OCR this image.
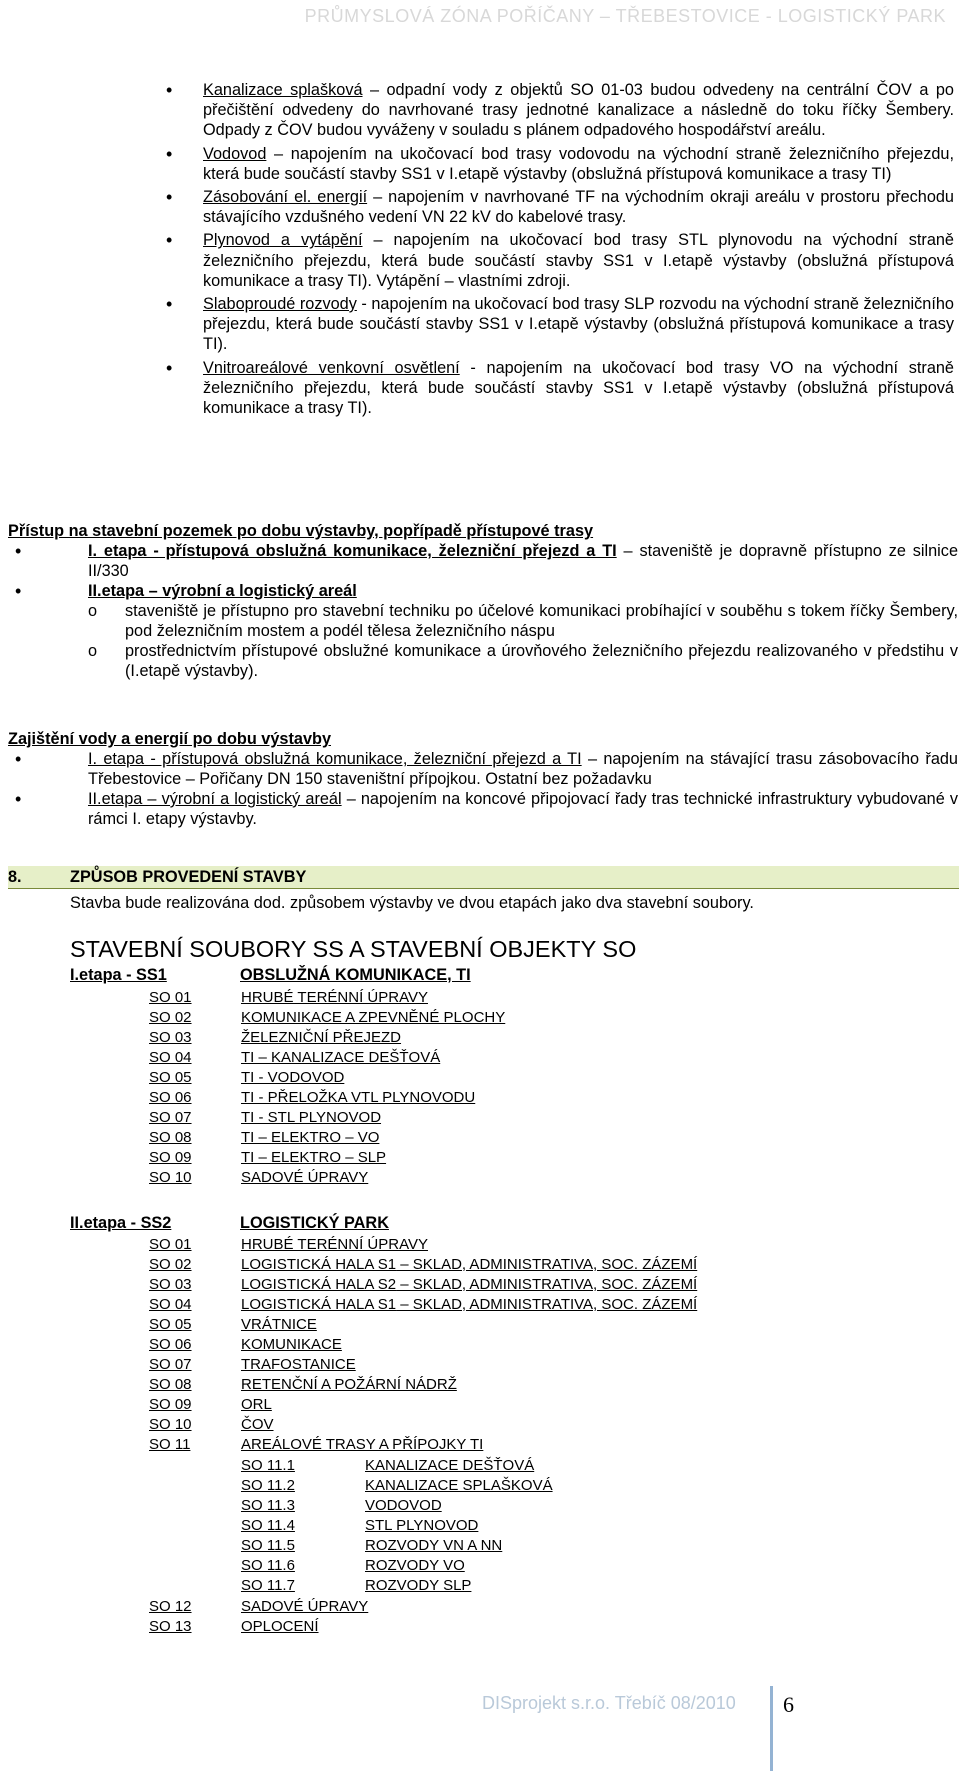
PRŮMYSLOVÁ ZÓNA POŘÍČANY – TŘEBESTOVICE - LOGISTICKÝ PARK
• Kanalizace splašková – odpadní vody z objektů SO 01-03 budou odvedeny na centrální ČOV a po přečištění odvedeny do navrhované trasy jednotné kanalizace a následně do toku říčky Šembery. Odpady z ČOV budou vyváženy v souladu s plánem odpadového hospodářství areálu.
• Vodovod – napojením na ukočovací bod trasy vodovodu na východní straně železničního přejezdu, která bude součástí stavby SS1 v I.etapě výstavby (obslužná přístupová komunikace a trasy TI)
• Zásobování el. energií – napojením v navrhované TF na východním okraji areálu v prostoru přechodu stávajícího vzdušného vedení VN 22 kV do kabelové trasy.
• Plynovod a vytápění – napojením na ukočovací bod trasy STL plynovodu na východní straně železničního přejezdu, která bude součástí stavby SS1 v I.etapě výstavby (obslužná přístupová komunikace a trasy TI). Vytápění – vlastními zdroji.
• Slaboproudé rozvody - napojením na ukočovací bod trasy SLP rozvodu na východní straně železničního přejezdu, která bude součástí stavby SS1 v I.etapě výstavby (obslužná přístupová komunikace a trasy TI).
• Vnitroareálové venkovní osvětlení - napojením na ukočovací bod trasy VO na východní straně železničního přejezdu, která bude součástí stavby SS1 v I.etapě výstavby (obslužná přístupová komunikace a trasy TI).
Přístup na stavební pozemek po dobu výstavby, popřípadě přístupové trasy
• I. etapa - přístupová obslužná komunikace, železniční přejezd a TI – staveniště je dopravně přístupno ze silnice II/330
• II.etapa – výrobní a logistický areál
o staveniště je přístupno pro stavební techniku po účelové komunikaci probíhající v souběhu s tokem říčky Šembery, pod železničním mostem a podél tělesa železničního náspu
o prostřednictvím přístupové obslužné komunikace a úrovňového železničního přejezdu realizovaného v předstihu v (I.etapě výstavby).
Zajištění vody a energií po dobu výstavby
• I. etapa - přístupová obslužná komunikace, železniční přejezd a TI – napojením na stávající trasu zásobovacího řadu Třebestovice – Pořičany DN 150 staveništní přípojkou. Ostatní bez požadavku
• II.etapa – výrobní a logistický areál – napojením na koncové připojovací řady tras technické infrastruktury vybudované v rámci I. etapy výstavby.
8.	ZPŮSOB PROVEDENÍ STAVBY
Stavba bude realizována dod. způsobem výstavby ve dvou etapách jako dva stavební soubory.
STAVEBNÍ SOUBORY SS A STAVEBNÍ OBJEKTY SO
I.etapa - SS1	OBSLUŽNÁ KOMUNIKACE, TI
SO 01	HRUBÉ TERÉNNÍ ÚPRAVY
SO 02	KOMUNIKACE A ZPEVNĚNÉ PLOCHY
SO 03	ŽELEZNIČNÍ PŘEJEZD
SO 04	TI – KANALIZACE DEŠŤOVÁ
SO 05	TI - VODOVOD
SO 06	TI - PŘELOŽKA VTL PLYNOVODU
SO 07	TI - STL PLYNOVOD
SO 08	TI – ELEKTRO – VO
SO 09	TI – ELEKTRO – SLP
SO 10	SADOVÉ ÚPRAVY
II.etapa - SS2	LOGISTICKÝ PARK
SO 01	HRUBÉ TERÉNNÍ ÚPRAVY
SO 02	LOGISTICKÁ HALA S1 – SKLAD, ADMINISTRATIVA, SOC. ZÁZEMÍ
SO 03	LOGISTICKÁ HALA S2 – SKLAD, ADMINISTRATIVA, SOC. ZÁZEMÍ
SO 04	LOGISTICKÁ HALA S1 – SKLAD, ADMINISTRATIVA, SOC. ZÁZEMÍ
SO 05	VRÁTNICE
SO 06	KOMUNIKACE
SO 07	TRAFOSTANICE
SO 08	RETENČNÍ A POŽÁRNÍ NÁDRŽ
SO 09	ORL
SO 10	ČOV
SO 11	AREÁLOVÉ TRASY A PŘÍPOJKY TI
SO 11.1	KANALIZACE DEŠŤOVÁ
SO 11.2	KANALIZACE SPLAŠKOVÁ
SO 11.3	VODOVOD
SO 11.4	STL PLYNOVOD
SO 11.5	ROZVODY VN A NN
SO 11.6	ROZVODY VO
SO 11.7	ROZVODY SLP
SO 12	SADOVÉ ÚPRAVY
SO 13	OPLOCENÍ
DISprojekt s.r.o. Třebíč 08/2010 6
